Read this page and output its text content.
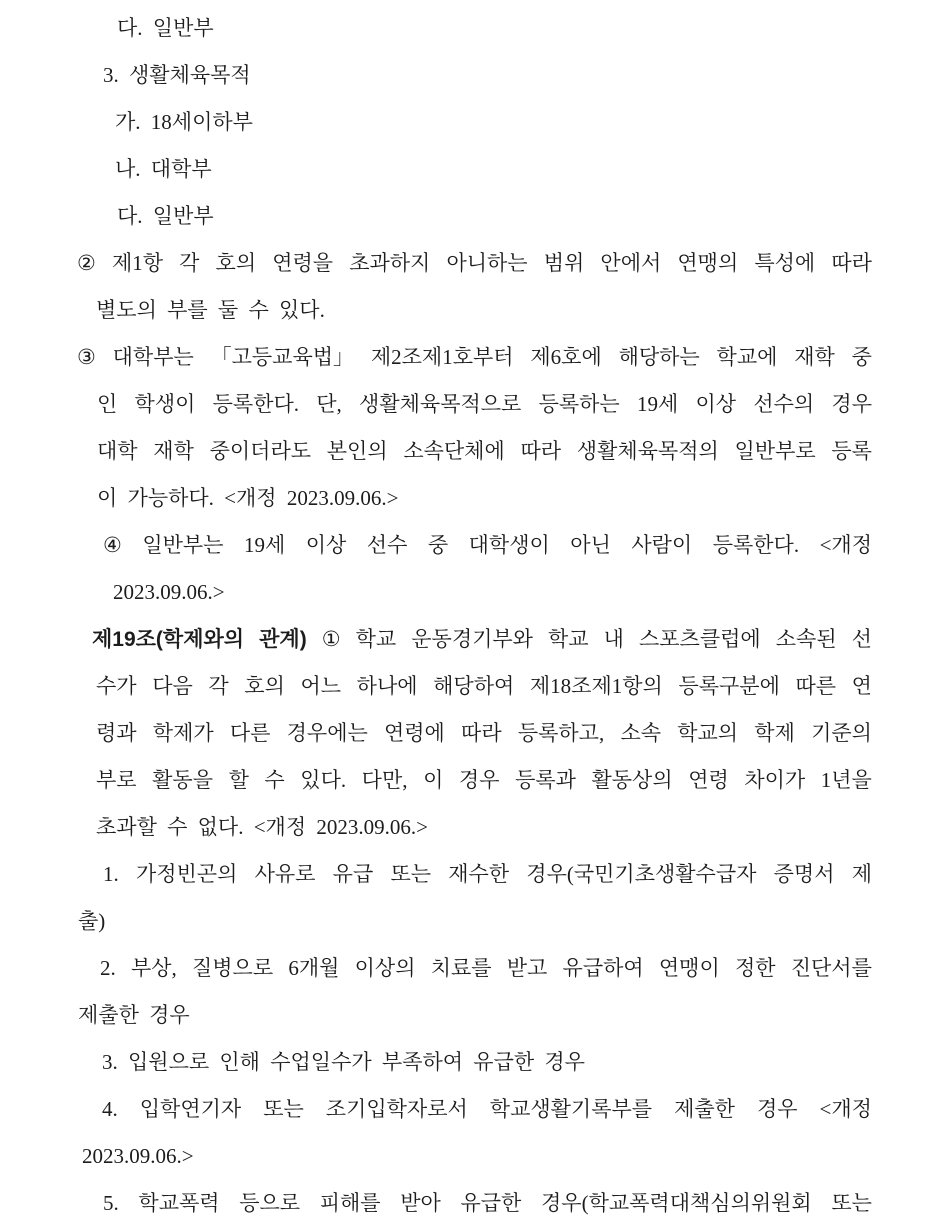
다. 일반부
3. 생활체육목적
가. 18세이하부
나. 대학부
다. 일반부
② 제1항 각 호의 연령을 초과하지 아니하는 범위 안에서 연맹의 특성에 따라
별도의 부를 둘 수 있다.
③ 대학부는 「고등교육법」 제2조제1호부터 제6호에 해당하는 학교에 재학 중
인 학생이 등록한다. 단, 생활체육목적으로 등록하는 19세 이상 선수의 경우
대학 재학 중이더라도 본인의 소속단체에 따라 생활체육목적의 일반부로 등록
이 가능하다. <개정 2023.09.06.>
④ 일반부는 19세 이상 선수 중 대학생이 아닌 사람이 등록한다. <개정
2023.09.06.>
제19조(학제와의 관계) ① 학교 운동경기부와 학교 내 스포츠클럽에 소속된 선
수가 다음 각 호의 어느 하나에 해당하여 제18조제1항의 등록구분에 따른 연
령과 학제가 다른 경우에는 연령에 따라 등록하고, 소속 학교의 학제 기준의
부로 활동을 할 수 있다. 다만, 이 경우 등록과 활동상의 연령 차이가 1년을
초과할 수 없다. <개정 2023.09.06.>
1. 가정빈곤의 사유로 유급 또는 재수한 경우(국민기초생활수급자 증명서 제
출)
2. 부상, 질병으로 6개월 이상의 치료를 받고 유급하여 연맹이 정한 진단서를
제출한 경우
3. 입원으로 인해 수업일수가 부족하여 유급한 경우
4. 입학연기자 또는 조기입학자로서 학교생활기록부를 제출한 경우 <개정
2023.09.06.>
5. 학교폭력 등으로 피해를 받아 유급한 경우(학교폭력대책심의위원회 또는
